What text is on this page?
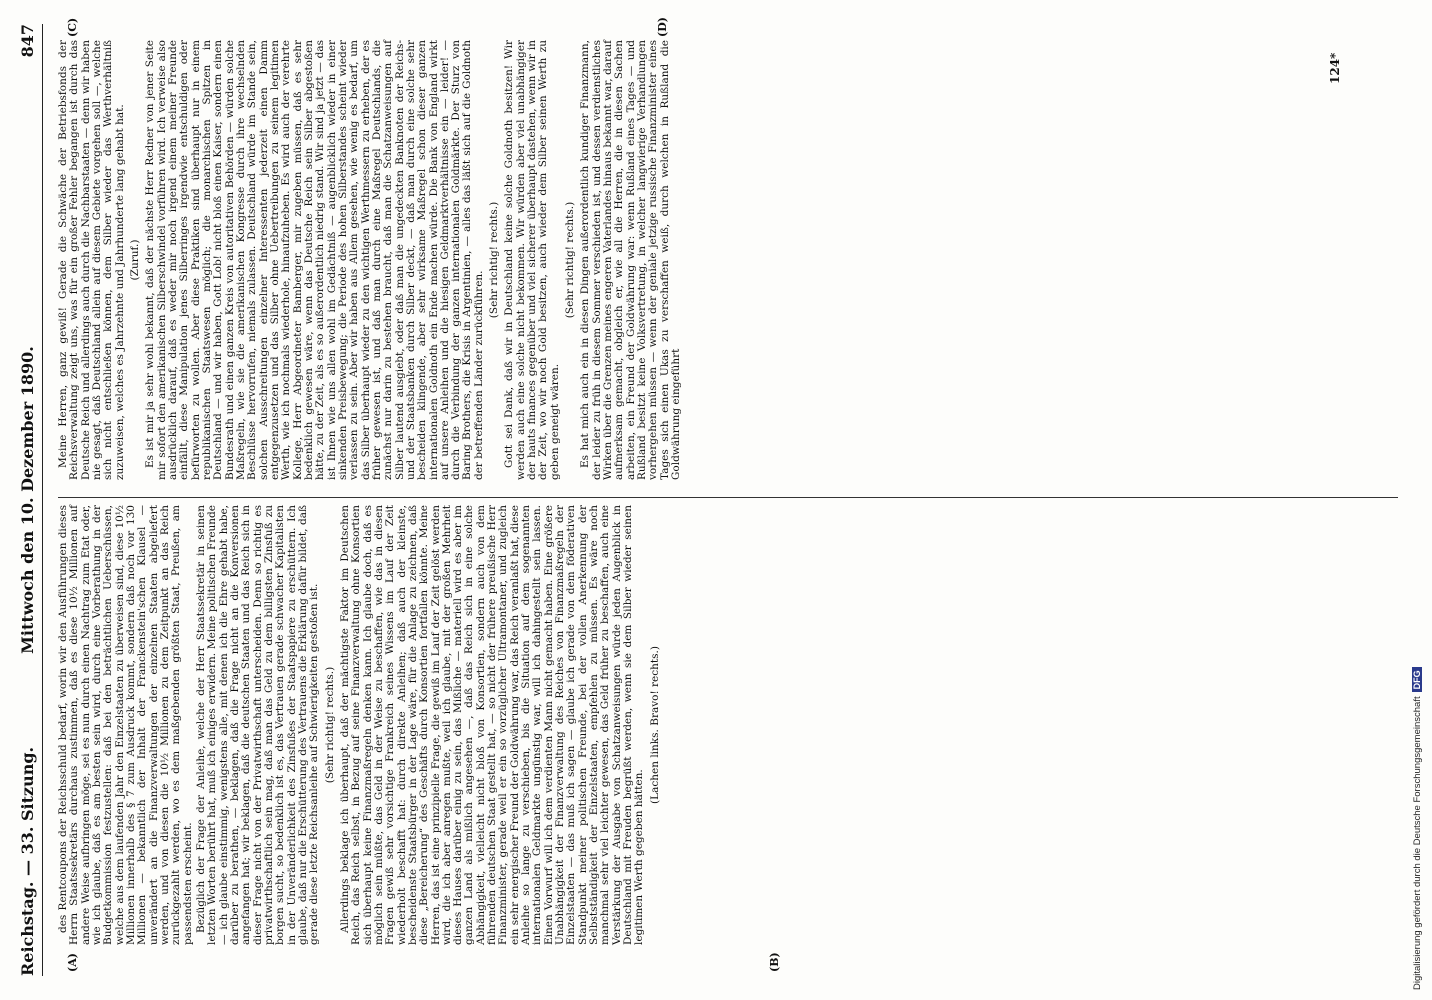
Reichstag. — 33. Sitzung.
Mittwoch den 10. Dezember 1890.
847
(A)	(B)
(C)	(D)

des Rentcoupons der Reichsschuld bedarf, worin wir den Ausführungen dieses Herrn Staatssekretärs durchaus zustimmen, daß es diese 10½ Millionen auf andere Weise aufbringen möge, sei es nun durch einen Nachtrag zum Etat oder, wie ich glaube, daß es am besten sein wird, durch eine Vorberathung in der Budgetkommission festzustellen: daß bei den beträchtlichen Ueberschüssen, welche aus dem laufenden Jahr den Einzelstaaten zu überweisen sind, diese 10½ Millionen innerhalb des § 7 zum Ausdruck kommt, sondern daß noch vor 130 Millionen — bekanntlich der Inhalt der Franckenstein'schen Klausel — unverändert an die Finanzverwaltungen der einzelnen Staaten abgeliefert werden, und von diesen die 10½ Millionen zu dem Zeitpunkt an das Reich zurückgezahlt werden, wo es dem maßgebenden größten Staat, Preußen, am passendsten erscheint. Bezüglich der Frage der Anleihe, welche der Herr Staatssekretär in seinen letzten Worten berührt hat, muß ich einiges erwidern. Meine politischen Freunde — ich glaube einstimmig, wenigstens alle, mit denen ich die Ehre gehabt habe, darüber zu berathen, — beklagen, daß die Frage nicht an die Konversionen angefangen hat; wir beklagen, daß die deutschen Staaten und das Reich sich in dieser Frage nicht von der Privatwirthschaft unterscheiden. Denn so richtig es privatwirthschaftlich sein mag, daß man das Geld zu dem billigsten Zinsfuß zu borgen sucht, so bedenklich ist es, das Vertrauen gerade schwacher Kapitalisten in der Unveränderlichkeit des Zinsfußes der Staatspapiere zu erschüttern. Ich glaube, daß nur die Erschütterung des Vertrauens die Erklärung dafür bildet, daß gerade diese letzte Reichsanleihe auf Schwierigkeiten gestoßen ist. (Sehr richtig! rechts.) Allerdings beklage ich überhaupt, daß der mächtigste Faktor im Deutschen Reich, das Reich selbst, in Bezug auf seine Finanzverwaltung ohne Konsortien sich überhaupt keine Finanzmaßregeln denken kann. Ich glaube doch, daß es möglich sein müßte, das Geld in der Weise zu beschaffen, wie das in diesen Fragen gewiß sehr vorsichtige Frankreich seines Wissens im Lauf der Zeit wiederholt beschafft hat: durch direkte Anleihen; daß auch der kleinste, bescheidenste Staatsbürger in der Lage wäre, für die Anlage zu zeichnen, daß diese „Bereicherung“ des Geschäfts durch Konsortien fortfallen könnte. Meine Herren, das ist eine prinzipielle Frage, die gewiß im Lauf der Zeit gelöst werden wird, die ich aber anregen mußte, weil ich glaube, mit der großen Mehrheit dieses Hauses darüber einig zu sein, das Mißliche — materiell wird es aber im ganzen Land als mißlich angesehen —, daß das Reich sich in eine solche Abhängigkeit, vielleicht nicht bloß von Konsortien, sondern auch von dem führenden deutschen Staat gestellt hat, — so nicht der frühere preußische Herr Finanzminister, gerade weil er ein so vorzüglicher Ultramontaner, und zugleich ein sehr energischer Freund der Goldwährung war, das Reich veranlaßt hat, diese Anleihe so lange zu verschieben, bis die Situation auf dem sogenannten internationalen Geldmarkte ungünstig war, will ich dahingestellt sein lassen. Einen Vorwurf will ich dem verdienten Mann nicht gemacht haben. Eine größere Unabhängigkeit der Finanzverwaltung des Reiches von Finanzmaßregeln der Einzelstaaten — das muß ich sagen — glaube ich gerade von dem föderativen Standpunkt meiner politischen Freunde, bei der vollen Anerkennung der Selbstständigkeit der Einzelstaaten, empfehlen zu müssen. Es wäre noch manchmal sehr viel leichter gewesen, das Geld früher zu beschaffen, auch eine Verstärkung der Ausgabe von Schatzanweisungen würde jeden Augenblick in Deutschland mit Freuden begrüßt werden, wenn sie dem Silber wieder seinen legitimen Werth gegeben hätten.

(Lachen links. Bravo! rechts.)

Meine Herren, ganz gewiß! Gerade die Schwäche der Betriebsfonds der Reichsverwaltung zeigt uns, was für ein großer Fehler begangen ist durch das Deutsche Reich und allerdings auch durch die Nachbarstaaten — denn wir haben nie gesagt, daß Deutschland allein auf diesem Gebiete vorgehen soll —, welche sich nicht entschließen können, dem Silber wieder das Werthverhältniß zuzuweisen, welches es Jahrzehnte und Jahrhunderte lang gehabt hat. (Zuruf.) Es ist mir ja sehr wohl bekannt, daß der nächste Herr Redner von jener Seite mir sofort den amerikanischen Silberschwindel vorführen wird. Ich verweise also ausdrücklich darauf, daß es weder mir noch irgend einem meiner Freunde einfällt, diese Manipulation jenes Silberringes irgendwie entschuldigen oder befürworten zu wollen. Aber diese Praktiken sind überhaupt nur in einem republikanischen Staatswesen möglich; die monarchischen Spitzen in Deutschland — und wir haben, Gott Lob! nicht bloß einen Kaiser, sondern einen Bundesrath und einen ganzen Kreis von autoritativen Behörden — würden solche Maßregeln, wie sie die amerikanischen Kongresse durch ihre wechselnden Beschlüsse hervorrufen, niemals zulassen. Deutschland würde im Stande sein, solchen Ausschreitungen einzelner Interessenten jederzeit einen Damm entgegenzusetzen und das Silber ohne Uebertreibungen zu seinem legitimen Werth, wie ich nochmals wiederhole, hinaufzuheben. Es wird auch der verehrte Kollege, Herr Abgeordneter Bamberger, mir zugeben müssen, daß es sehr bedenklich gewesen wäre, wenn das Deutsche Reich sein Silber abgestoßen hätte, zu der Zeit, als es so außerordentlich niedrig stand. Wir sind ja jetzt — das ist Ihnen wie uns allen wohl im Gedächtniß — augenblicklich wieder in einer sinkenden Preisbewegung; die Periode des hohen Silberstandes scheint wieder verlassen zu sein. Aber wir haben aus Allem gesehen, wie wenig es bedarf, um das Silber überhaupt wieder zu den wichtigen Werthmessern zu erheben, der es früher gewesen ist, und daß man durch eine Maßregel Deutschlands, die zunächst nur darin zu bestehen braucht, daß man die Schatzanweisungen auf Silber lautend ausgiebt, oder daß man die ungedeckten Banknoten der Reichs- und der Staatsbanken durch Silber deckt, — daß man durch eine solche sehr bescheiden klingende, aber sehr wirksame Maßregel schon dieser ganzen internationalen Goldnoth ein Ende machen würde. Die Bank von England wirkt auf unsere Anleihen und die hiesigen Geldmarktverhältnisse ein — leider! — durch die Verbindung der ganzen internationalen Goldmärkte. Der Sturz von Baring Brothers, die Krisis in Argentinien, — alles das läßt sich auf die Goldnoth der betreffenden Länder zurückführen.

(Sehr richtig! rechts.) Gott sei Dank, daß wir in Deutschland keine solche Goldnoth besitzen! Wir werden auch eine solche nicht bekommen. Wir würden aber viel unabhängiger der hauts finances gegenüber und viel sicherer überhaupt dastehen, wenn wir in der Zeit, wo wir noch Gold besitzen, auch wieder dem Silber seinen Werth zu geben geneigt wären.

(Sehr richtig! rechts.) Es hat mich auch ein in diesen Dingen außerordentlich kundiger Finanzmann, der leider zu früh in diesem Sommer verschieden ist, und dessen verdienstliches Wirken über die Grenzen meines engeren Vaterlandes hinaus bekannt war, darauf aufmerksam gemacht, obgleich er, wie all die Herren, die in diesen Sachen arbeiten, ein Freund der Goldwährung war: wenn Rußland eines Tages — und Rußland besitzt keine Volksvertretung, in welcher langwierige Verhandlungen vorhergehen müssen — wenn der geniale jetzige russische Finanzminister eines Tages sich einen Ukas zu verschaffen weiß, durch welchen in Rußland die Goldwährung eingeführt

124*
Digitalisierung gefördert durch die Deutsche ForschungsgemeinschaftDFG
